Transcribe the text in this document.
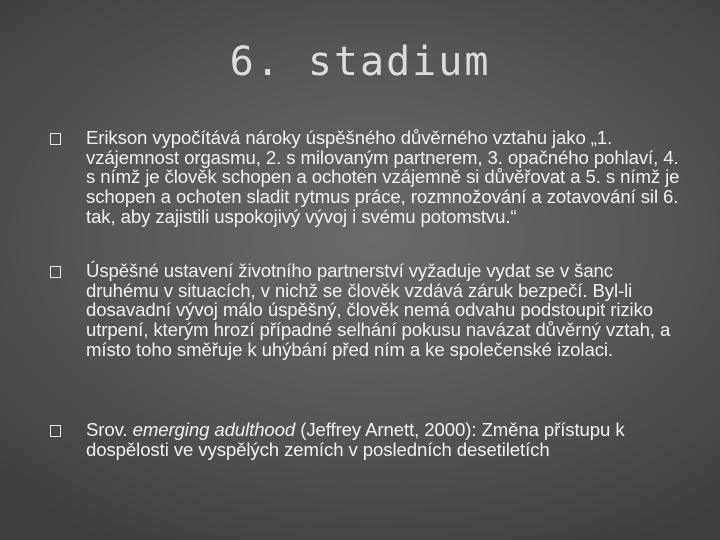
6. stadium
Erikson vypočítává nároky úspěšného důvěrného vztahu jako „1. vzájemnost orgasmu, 2. s milovaným partnerem, 3. opačného pohlaví, 4. s nímž je člověk schopen a ochoten vzájemně si důvěřovat a 5. s nímž je schopen a ochoten sladit rytmus práce, rozmnožování a zotavování sil 6. tak, aby zajistili uspokojivý vývoj i svému potomstvu.“
Úspěšné ustavení životního partnerství vyžaduje vydat se v šanc druhému v situacích, v nichž se člověk vzdává záruk bezpečí. Byl-li dosavadní vývoj málo úspěšný, člověk nemá odvahu podstoupit riziko utrpení, kterým hrozí případné selhání pokusu navázat důvěrný vztah, a místo toho směřuje k uhýbání před ním a ke společenské izolaci.
Srov. emerging adulthood (Jeffrey Arnett, 2000): Změna přístupu k dospělosti ve vyspělých zemích v posledních desetiletích
